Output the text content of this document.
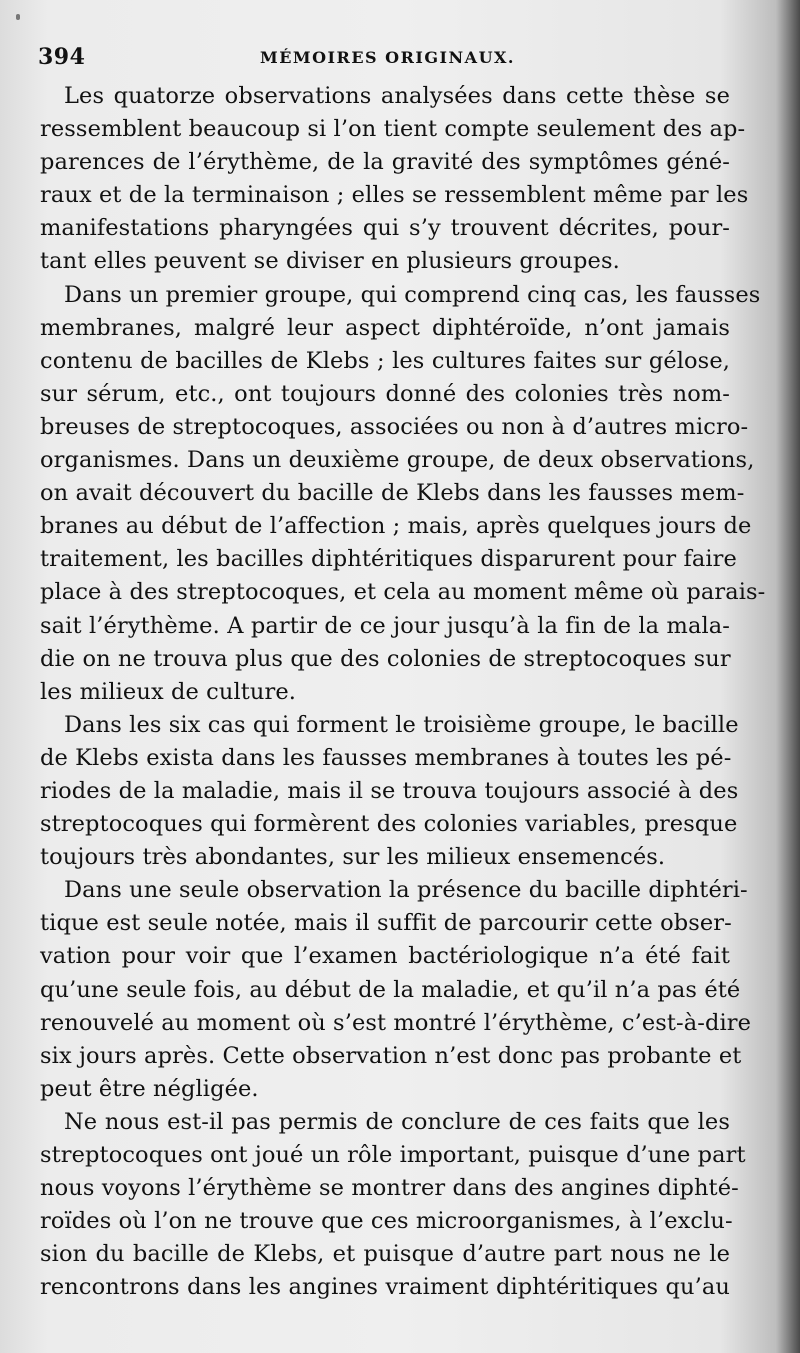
394	MÉMOIRES ORIGINAUX.
Les quatorze observations analysées dans cette thèse se
ressemblent beaucoup si l’on tient compte seulement des ap-
parences de l’érythème, de la gravité des symptômes géné-
raux et de la terminaison ; elles se ressemblent même par les
manifestations pharyngées qui s’y trouvent décrites, pour-
tant elles peuvent se diviser en plusieurs groupes.
Dans un premier groupe, qui comprend cinq cas, les fausses
membranes, malgré leur aspect diphtéroïde, n’ont jamais
contenu de bacilles de Klebs ; les cultures faites sur gélose,
sur sérum, etc., ont toujours donné des colonies très nom-
breuses de streptocoques, associées ou non à d’autres micro-
organismes. Dans un deuxième groupe, de deux observations,
on avait découvert du bacille de Klebs dans les fausses mem-
branes au début de l’affection ; mais, après quelques jours de
traitement, les bacilles diphtéritiques disparurent pour faire
place à des streptocoques, et cela au moment même où parais-
sait l’érythème. A partir de ce jour jusqu’à la fin de la mala-
die on ne trouva plus que des colonies de streptocoques sur
les milieux de culture.
Dans les six cas qui forment le troisième groupe, le bacille
de Klebs exista dans les fausses membranes à toutes les pé-
riodes de la maladie, mais il se trouva toujours associé à des
streptocoques qui formèrent des colonies variables, presque
toujours très abondantes, sur les milieux ensemencés.
Dans une seule observation la présence du bacille diphtéri-
tique est seule notée, mais il suffit de parcourir cette obser-
vation pour voir que l’examen bactériologique n’a été fait
qu’une seule fois, au début de la maladie, et qu’il n’a pas été
renouvelé au moment où s’est montré l’érythème, c’est-à-dire
six jours après. Cette observation n’est donc pas probante et
peut être négligée.
Ne nous est-il pas permis de conclure de ces faits que les
streptocoques ont joué un rôle important, puisque d’une part
nous voyons l’érythème se montrer dans des angines diphté-
roïdes où l’on ne trouve que ces microorganismes, à l’exclu-
sion du bacille de Klebs, et puisque d’autre part nous ne le
rencontrons dans les angines vraiment diphtéritiques qu’au
